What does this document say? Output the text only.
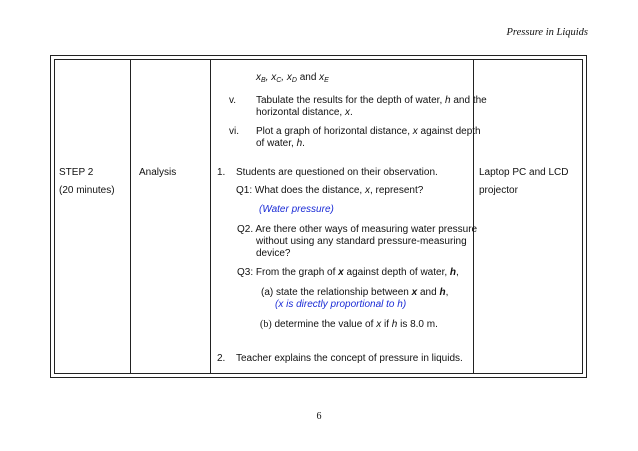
Pressure in Liquids
$x_B$, $x_C$, $x_D$ and $x_E$
v. Tabulate the results for the depth of water, h and the
horizontal distance, x.
vi. Plot a graph of horizontal distance, x against depth
of water, h.
STEP 2
(20 minutes)
Analysis	1. Students are questioned on their observation.
Q1: What does the distance, x, represent?
(Water pressure)
Q2. Are there other ways of measuring water pressure
without using any standard pressure-measuring
device?
Q3: From the graph of x against depth of water, h,
(a) state the relationship between x and h,
(x is directly proportional to h)
(b) determine the value of x if h is 8.0 m.
2. Teacher explains the concept of pressure in liquids.
Laptop PC and LCD
projector
6
